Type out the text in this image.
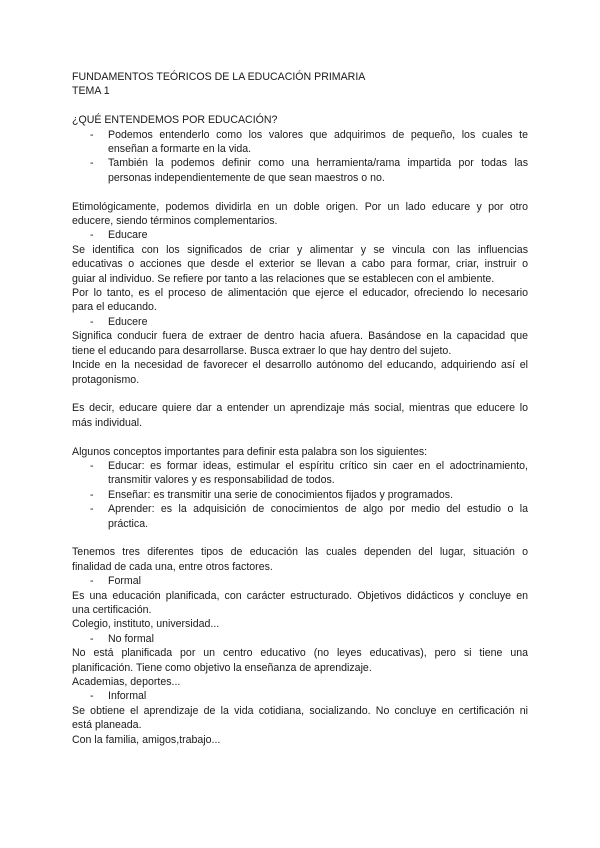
FUNDAMENTOS TEÓRICOS DE LA EDUCACIÓN PRIMARIA
TEMA 1
¿QUÉ ENTENDEMOS POR EDUCACIÓN?
- Podemos entenderlo como los valores que adquirimos de pequeño, los cuales te
enseñan a formarte en la vida.
- También la podemos definir como una herramienta/rama impartida por todas las
personas independientemente de que sean maestros o no.
Etimológicamente, podemos dividirla en un doble origen. Por un lado educare y por otro
educere, siendo términos complementarios.
- Educare
Se identifica con los significados de criar y alimentar y se vincula con las influencias
educativas o acciones que desde el exterior se llevan a cabo para formar, criar, instruir o
guiar al individuo. Se refiere por tanto a las relaciones que se establecen con el ambiente.
Por lo tanto, es el proceso de alimentación que ejerce el educador, ofreciendo lo necesario
para el educando.
- Educere
Significa conducir fuera de extraer de dentro hacia afuera. Basándose en la capacidad que
tiene el educando para desarrollarse. Busca extraer lo que hay dentro del sujeto.
Incide en la necesidad de favorecer el desarrollo autónomo del educando, adquiriendo así el
protagonismo.
Es decir, educare quiere dar a entender un aprendizaje más social, mientras que educere lo
más individual.
Algunos conceptos importantes para definir esta palabra son los siguientes:
- Educar: es formar ideas, estimular el espíritu crítico sin caer en el adoctrinamiento,
transmitir valores y es responsabilidad de todos.
- Enseñar: es transmitir una serie de conocimientos fijados y programados.
- Aprender: es la adquisición de conocimientos de algo por medio del estudio o la
práctica.
Tenemos tres diferentes tipos de educación las cuales dependen del lugar, situación o
finalidad de cada una, entre otros factores.
- Formal
Es una educación planificada, con carácter estructurado. Objetivos didácticos y concluye en
una certificación.
Colegio, instituto, universidad...
- No formal
No está planificada por un centro educativo (no leyes educativas), pero si tiene una
planificación. Tiene como objetivo la enseñanza de aprendizaje.
Academias, deportes...
- Informal
Se obtiene el aprendizaje de la vida cotidiana, socializando. No concluye en certificación ni
está planeada.
Con la familia, amigos,trabajo...
